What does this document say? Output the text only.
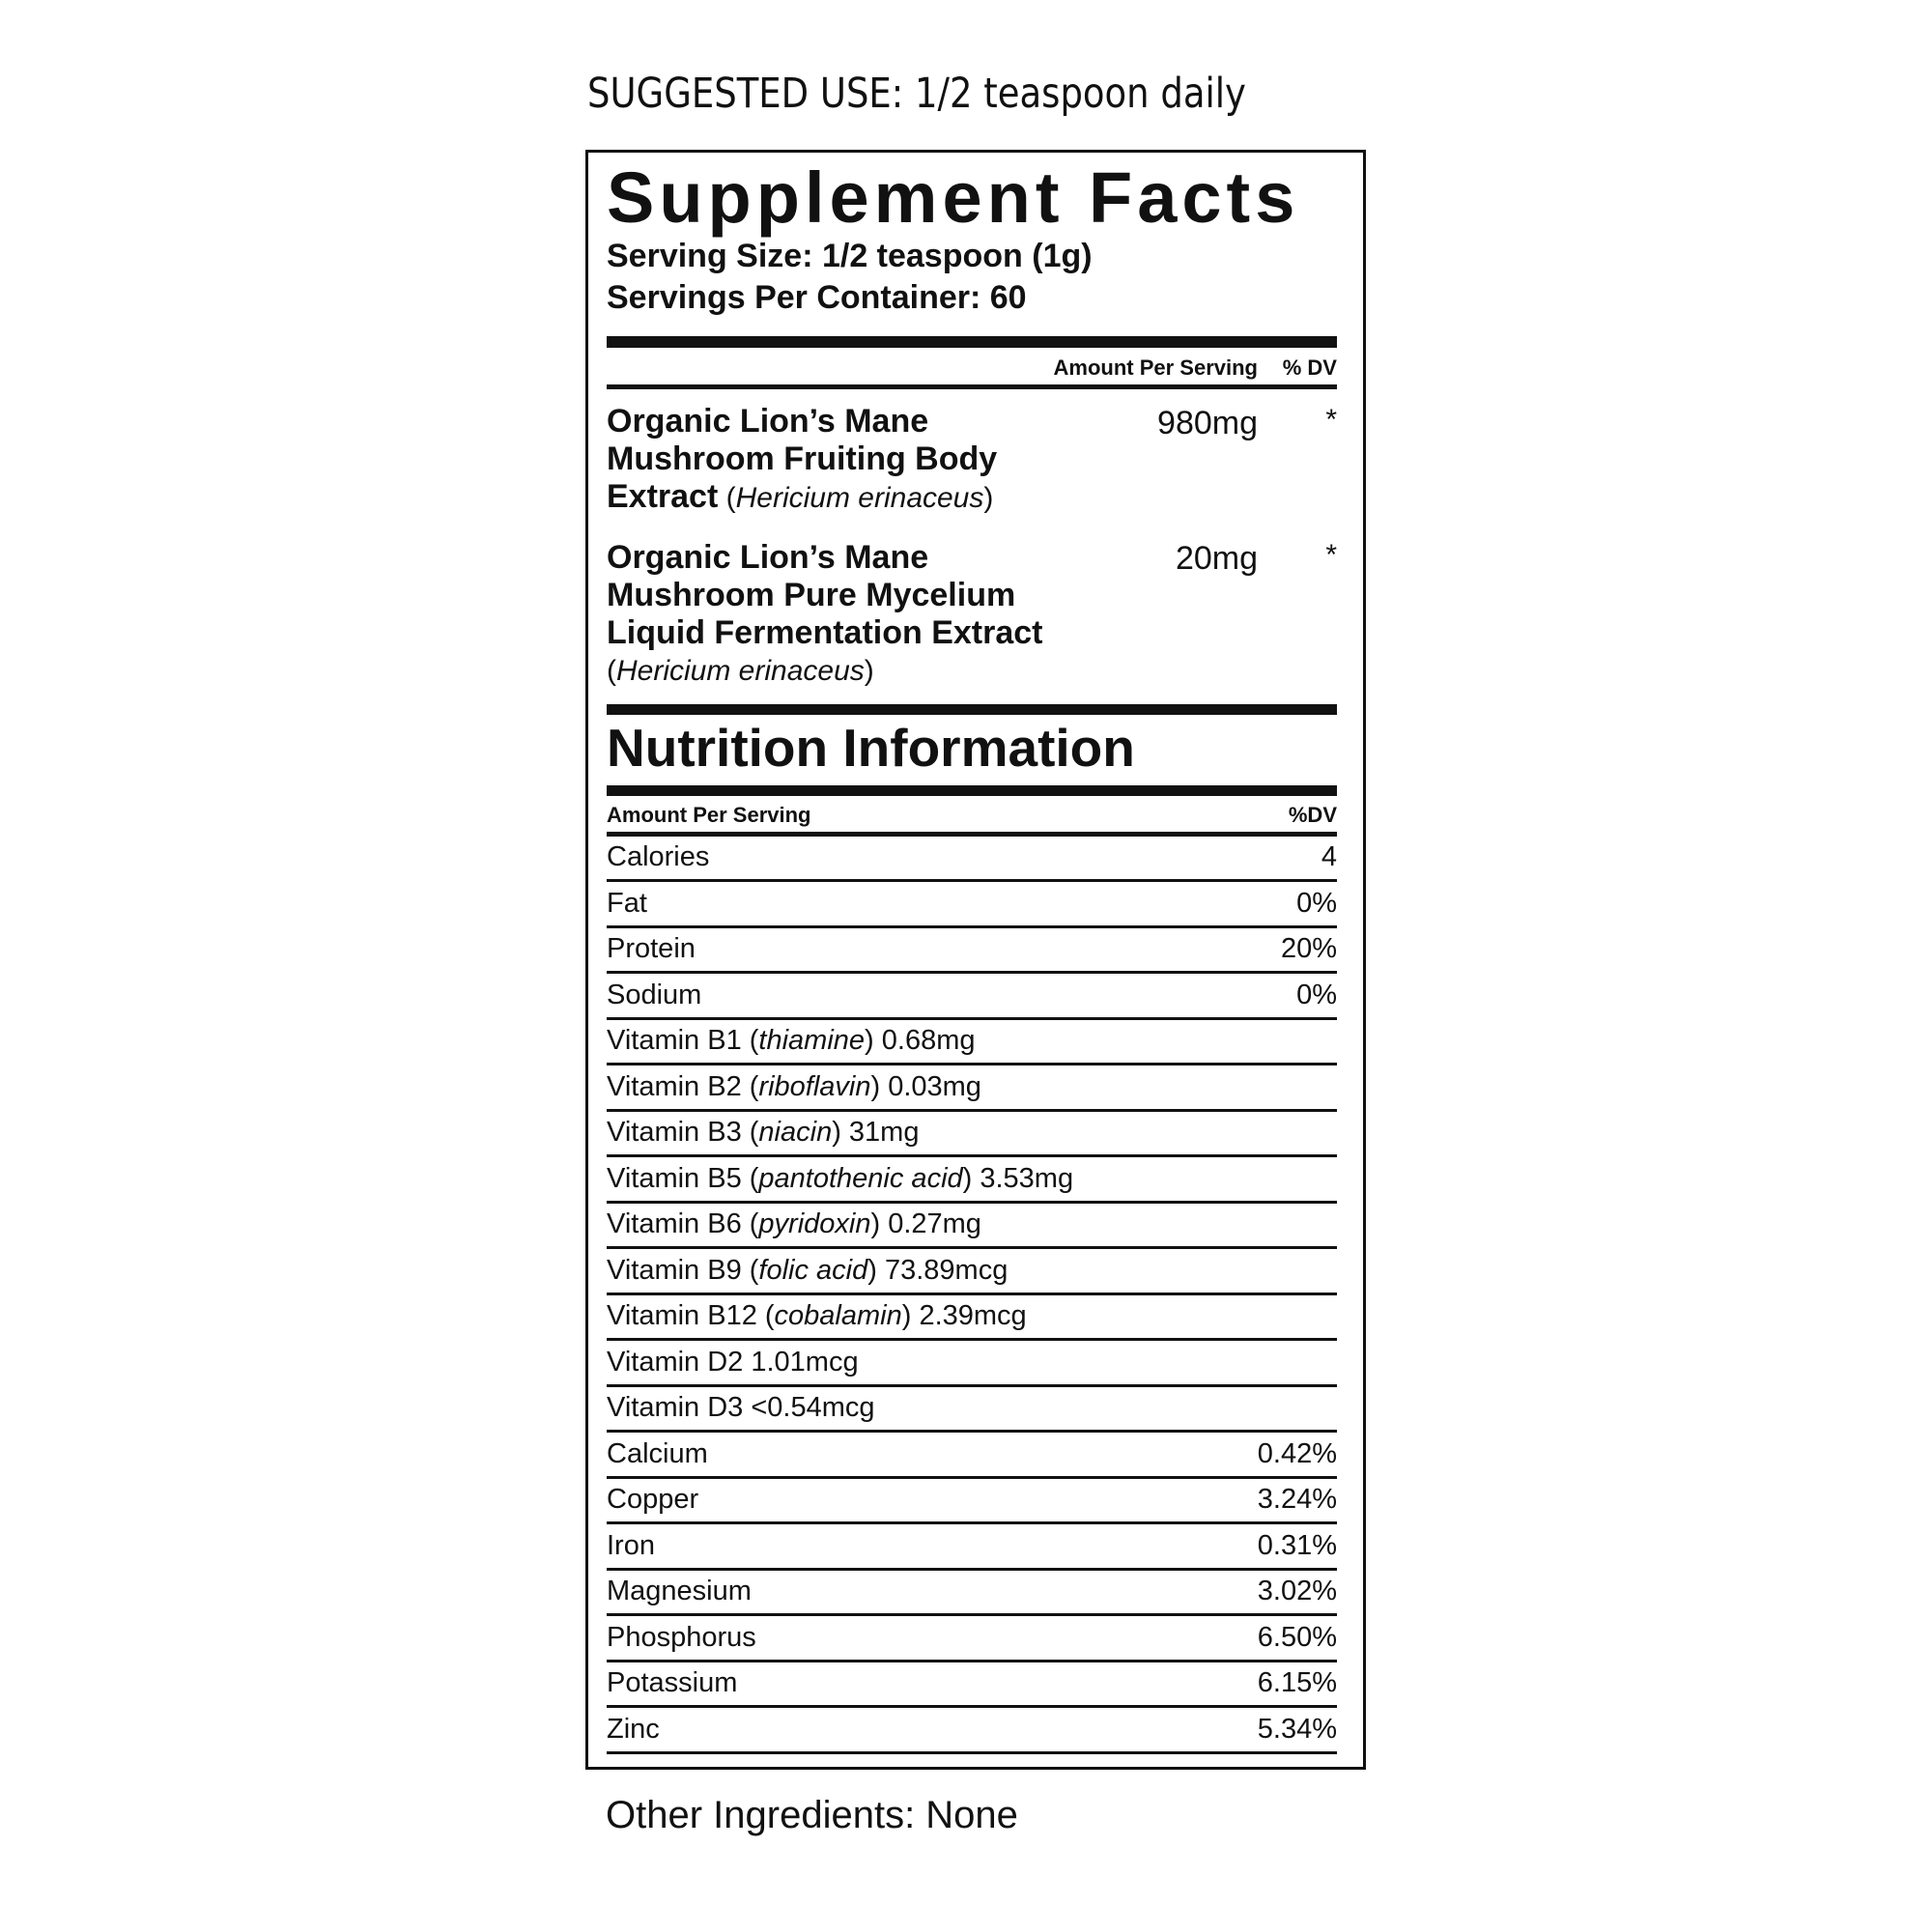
SUGGESTED USE: 1/2 teaspoon daily
Supplement Facts
Serving Size: 1/2 teaspoon (1g)
Servings Per Container: 60
Amount Per Serving % DV
Organic Lion’s Mane
Mushroom Fruiting Body
Extract (Hericium erinaceus)
980mg *
Organic Lion’s Mane
Mushroom Pure Mycelium
Liquid Fermentation Extract
(Hericium erinaceus)
20mg *
Nutrition Information
Amount Per Serving	%DV
Calories	4
Fat	0%
Protein	20%
Sodium	0%
Vitamin B1 (thiamine) 0.68mg
Vitamin B2 (riboflavin) 0.03mg
Vitamin B3 (niacin) 31mg
Vitamin B5 (pantothenic acid) 3.53mg
Vitamin B6 (pyridoxin) 0.27mg
Vitamin B9 (folic acid) 73.89mcg
Vitamin B12 (cobalamin) 2.39mcg
Vitamin D2 1.01mcg
Vitamin D3 <0.54mcg
Calcium	0.42%
Copper	3.24%
Iron	0.31%
Magnesium	3.02%
Phosphorus	6.50%
Potassium	6.15%
Zinc	5.34%
Other Ingredients: None
